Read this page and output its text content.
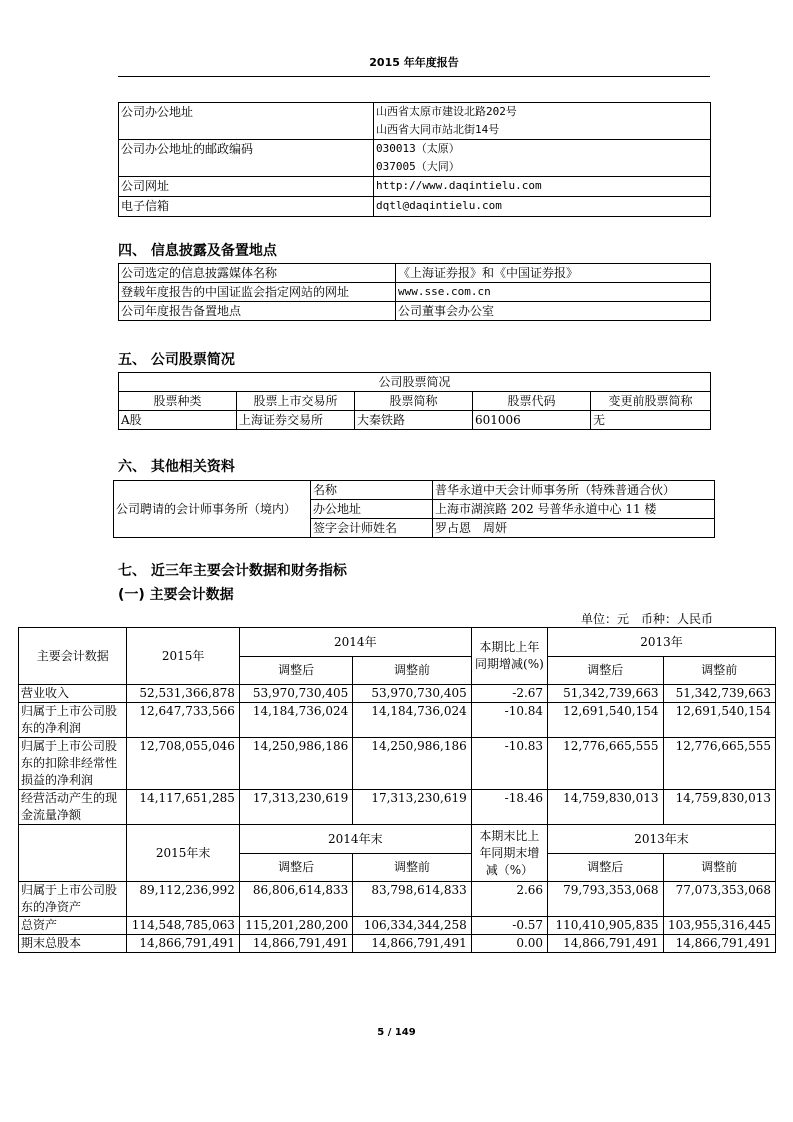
2015 年年度报告
公司办公地址	山西省太原市建设北路202号
山西省大同市站北街14号

公司办公地址的邮政编码	030013（太原）
037005（大同）

公司网址	http://www.daqintielu.com
电子信箱	dqtl@daqintielu.com
四、 信息披露及备置地点
公司选定的信息披露媒体名称	《上海证券报》和《中国证券报》
登载年度报告的中国证监会指定网站的网址	www.sse.com.cn
公司年度报告备置地点	公司董事会办公室
五、 公司股票简况
公司股票简况				
股票种类	股票上市交易所	股票简称	股票代码	变更前股票简称
A股	上海证券交易所	大秦铁路	601006	无
六、 其他相关资料
公司聘请的会计师事务所（境内）	名称	普华永道中天会计师事务所（特殊普通合伙）
	办公地址	上海市湖滨路 202 号普华永道中心 11 楼
	签字会计师姓名	罗占恩　周妍
七、 近三年主要会计数据和财务指标
(一) 主要会计数据
单位：元　币种：人民币
主要会计数据	2015年	2014年		本期比上年同期增减(%)	2013年	
		调整后	调整前		调整后	调整前
营业收入	52,531,366,878	53,970,730,405	53,970,730,405	-2.67	51,342,739,663	51,342,739,663
归属于上市公司股东的净利润	12,647,733,566	14,184,736,024	14,184,736,024	-10.84	12,691,540,154	12,691,540,154
归属于上市公司股东的扣除非经常性损益的净利润	12,708,055,046	14,250,986,186	14,250,986,186	-10.83	12,776,665,555	12,776,665,555
经营活动产生的现金流量净额	14,117,651,285	17,313,230,619	17,313,230,619	-18.46	14,759,830,013	14,759,830,013
	2015年末	2014年末		本期末比上年同期末增减（%）	2013年末	
		调整后	调整前		调整后	调整前
归属于上市公司股东的净资产	89,112,236,992	86,806,614,833	83,798,614,833	2.66	79,793,353,068	77,073,353,068
总资产	114,548,785,063	115,201,280,200	106,334,344,258	-0.57	110,410,905,835	103,955,316,445
期末总股本	14,866,791,491	14,866,791,491	14,866,791,491	0.00	14,866,791,491	14,866,791,491
5 / 149
